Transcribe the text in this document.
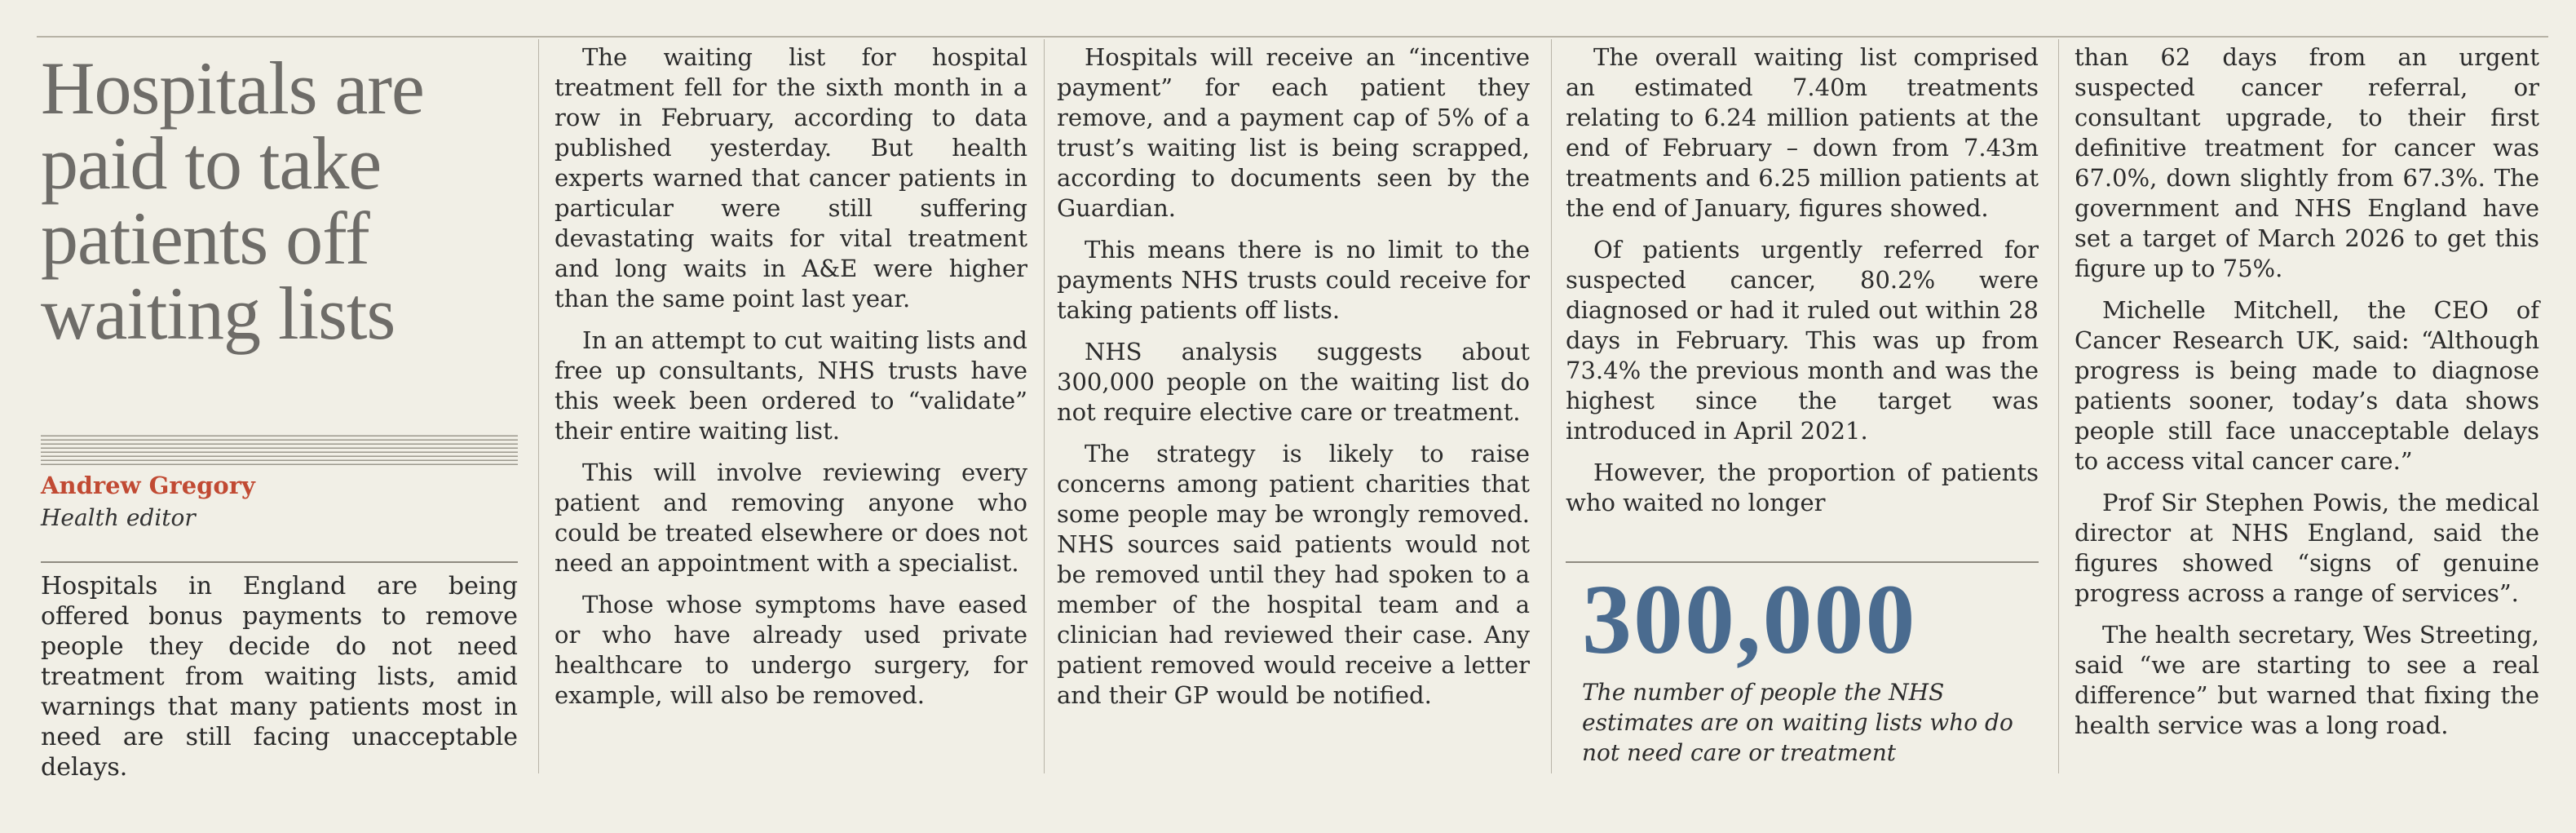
Hospitals are paid to take patients off waiting lists
Andrew Gregory
Health editor

Hospitals in England are being offered bonus payments to remove people they decide do not need treatment from waiting lists, amid warnings that many patients most in need are still facing unacceptable delays.

The waiting list for hospital treatment fell for the sixth month in a row in February, according to data published yesterday. But health experts warned that cancer patients in particular were still suffering devastating waits for vital treatment and long waits in A&E were higher than the same point last year.

In an attempt to cut waiting lists and free up consultants, NHS trusts have this week been ordered to “validate” their entire waiting list.

This will involve reviewing every patient and removing anyone who could be treated elsewhere or does not need an appointment with a specialist.

Those whose symptoms have eased or who have already used private healthcare to undergo surgery, for example, will also be removed.

Hospitals will receive an “incentive payment” for each patient they remove, and a payment cap of 5% of a trust’s waiting list is being scrapped, according to documents seen by the Guardian.

This means there is no limit to the payments NHS trusts could receive for taking patients off lists.

NHS analysis suggests about 300,000 people on the waiting list do not require elective care or treatment.

The strategy is likely to raise concerns among patient charities that some people may be wrongly removed. NHS sources said patients would not be removed until they had spoken to a member of the hospital team and a clinician had reviewed their case. Any patient removed would receive a letter and their GP would be notified.

The overall waiting list comprised an estimated 7.40m treatments relating to 6.24 million patients at the end of February – down from 7.43m treatments and 6.25 million patients at the end of January, figures showed.

Of patients urgently referred for suspected cancer, 80.2% were diagnosed or had it ruled out within 28 days in February. This was up from 73.4% the previous month and was the highest since the target was introduced in April 2021.

However, the proportion of patients who waited no longer

300,000
The number of people the NHS estimates are on waiting lists who do not need care or treatment

than 62 days from an urgent suspected cancer referral, or consultant upgrade, to their first definitive treatment for cancer was 67.0%, down slightly from 67.3%. The government and NHS England have set a target of March 2026 to get this figure up to 75%.

Michelle Mitchell, the CEO of Cancer Research UK, said: “Although progress is being made to diagnose patients sooner, today’s data shows people still face unacceptable delays to access vital cancer care.”

Prof Sir Stephen Powis, the medical director at NHS England, said the figures showed “signs of genuine progress across a range of services”.

The health secretary, Wes Streeting, said “we are starting to see a real difference” but warned that fixing the health service was a long road.
